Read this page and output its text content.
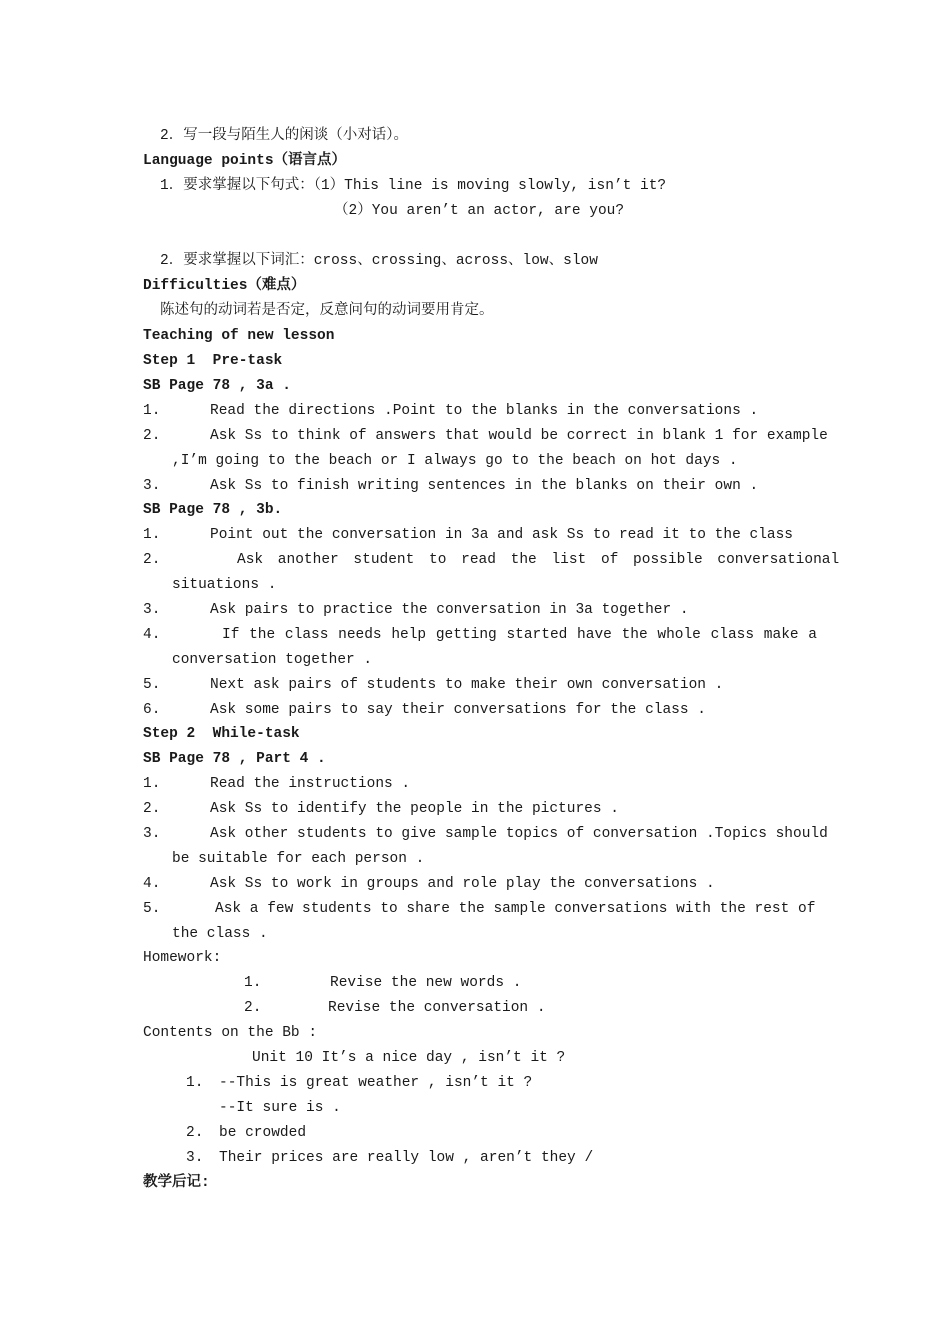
2．写一段与陌生人的闲谈（小对话）。
Language points（语言点）
1．要求掌握以下句式：（1）This line is moving slowly, isn’t it?
（2）You aren’t an actor, are you?
2．要求掌握以下词汇：cross、crossing、across、low、slow
Difficulties（难点）
陈述句的动词若是否定，反意问句的动词要用肯定。
Teaching of new lesson
Step 1  Pre-task
SB Page 78 , 3a .
1.	Read the directions .Point to the blanks in the conversations .
2.	Ask Ss to think of answers that would be correct in blank 1 for example
,I’m going to the beach or I always go to the beach on hot days .
3.	Ask Ss to finish writing sentences in the blanks on their own .
SB Page 78 , 3b.
1.	Point out the conversation in 3a and ask Ss to read it to the class
2.	Ask another student to read the list of possible conversational
situations .
3.	Ask pairs to practice the conversation in 3a together .
4.	If the class needs help getting started have the whole class make a
conversation together .
5.	Next ask pairs of students to make their own conversation .
6.	Ask some pairs to say their conversations for the class .
Step 2  While-task
SB Page 78 , Part 4 .
1.	Read the instructions .
2.	Ask Ss to identify the people in the pictures .
3.	Ask other students to give sample topics of conversation .Topics should
be suitable for each person .
4.	Ask Ss to work in groups and role play the conversations .
5.	Ask a few students to share the sample conversations with the rest of
the class .
Homework:
1.	Revise the new words .
2.	Revise the conversation .
Contents on the Bb :
Unit 10 It’s a nice day , isn’t it ?
1. --This is great weather , isn’t it ?
--It sure is .
2. be crowded
3. Their prices are really low , aren’t they /
教学后记:
